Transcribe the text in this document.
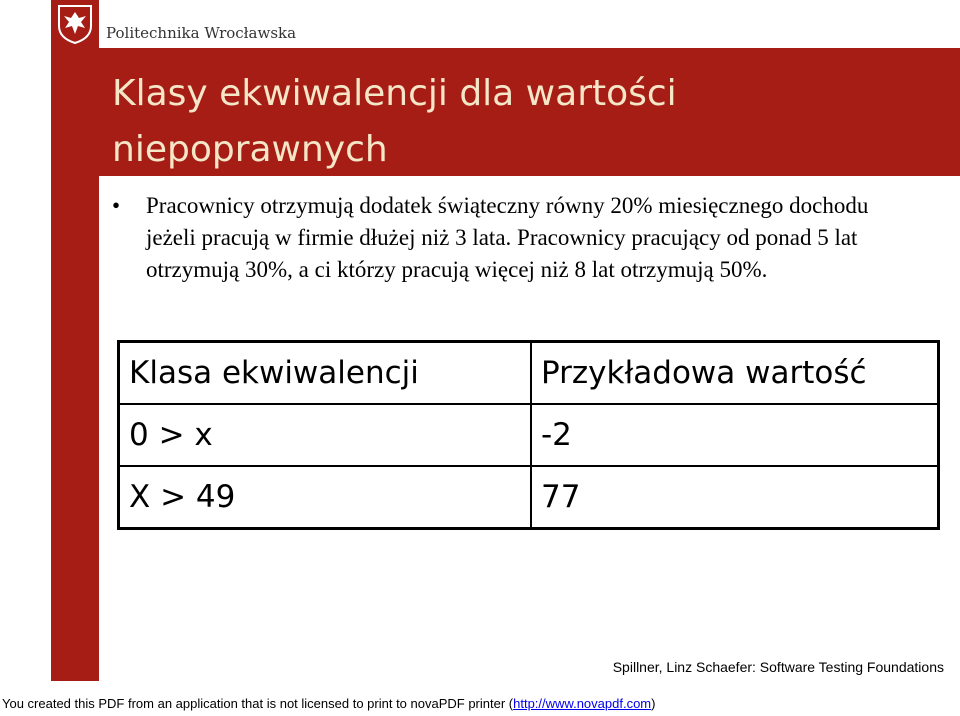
Politechnika Wrocławska
Klasy ekwiwalencji dla wartości niepoprawnych
• Pracownicy otrzymują dodatek świąteczny równy 20% miesięcznego dochodu jeżeli pracują w firmie dłużej niż 3 lata. Pracownicy pracujący od ponad 5 lat otrzymują 30%, a ci którzy pracują więcej niż 8 lat otrzymują 50%.
Klasa ekwiwalencji	Przykładowa wartość
0 > x	-2
X > 49	77
Spillner, Linz Schaefer: Software Testing Foundations
You created this PDF from an application that is not licensed to print to novaPDF printer (http://www.novapdf.com)
